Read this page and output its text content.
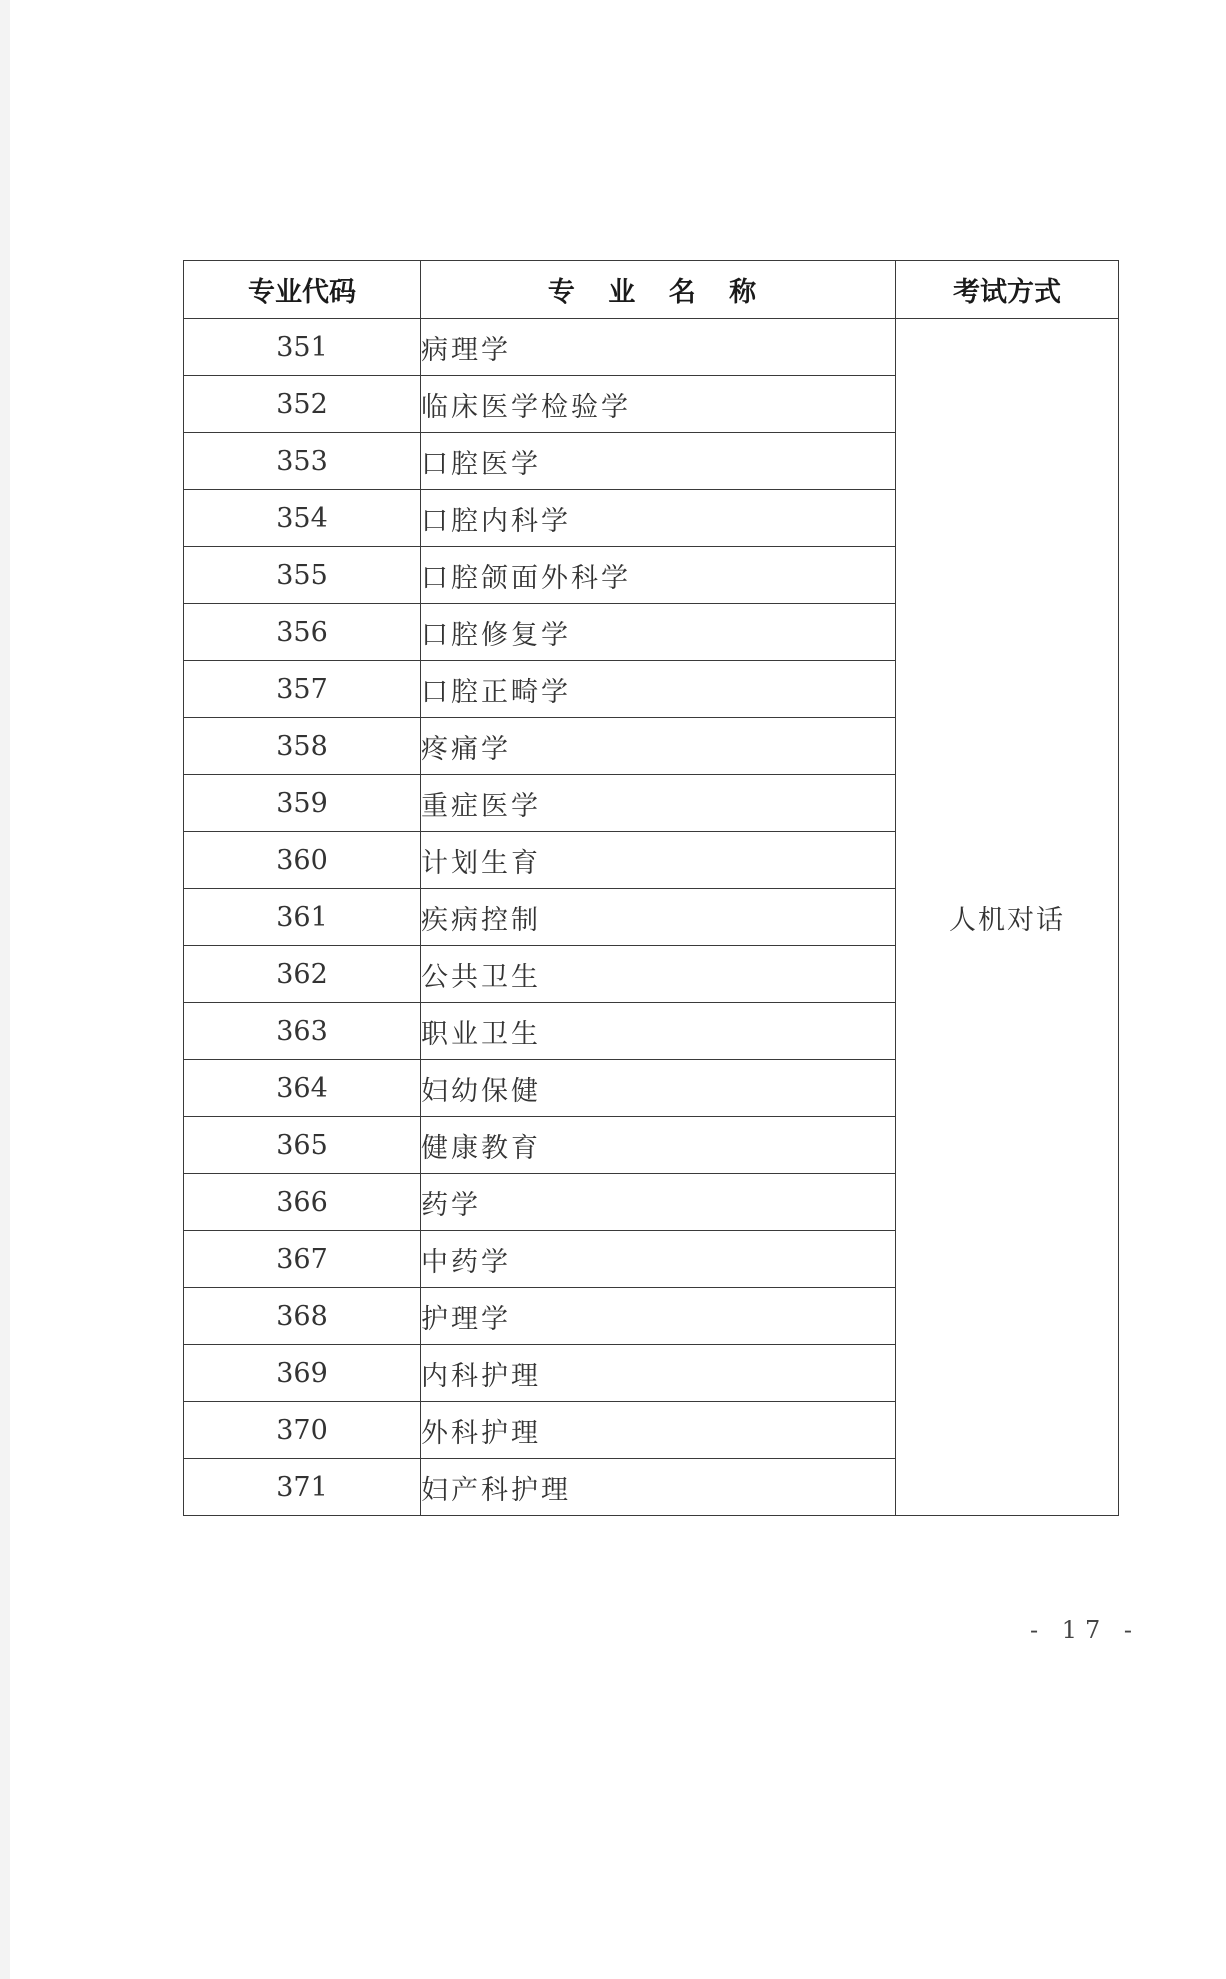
专业代码	专 业 名 称	考试方式
351	病理学	人机对话
352	临床医学检验学	
353	口腔医学	
354	口腔内科学	
355	口腔颌面外科学	
356	口腔修复学	
357	口腔正畸学	
358	疼痛学	
359	重症医学	
360	计划生育	
361	疾病控制	
362	公共卫生	
363	职业卫生	
364	妇幼保健	
365	健康教育	
366	药学	
367	中药学	
368	护理学	
369	内科护理	
370	外科护理	
371	妇产科护理	
- 17 -
